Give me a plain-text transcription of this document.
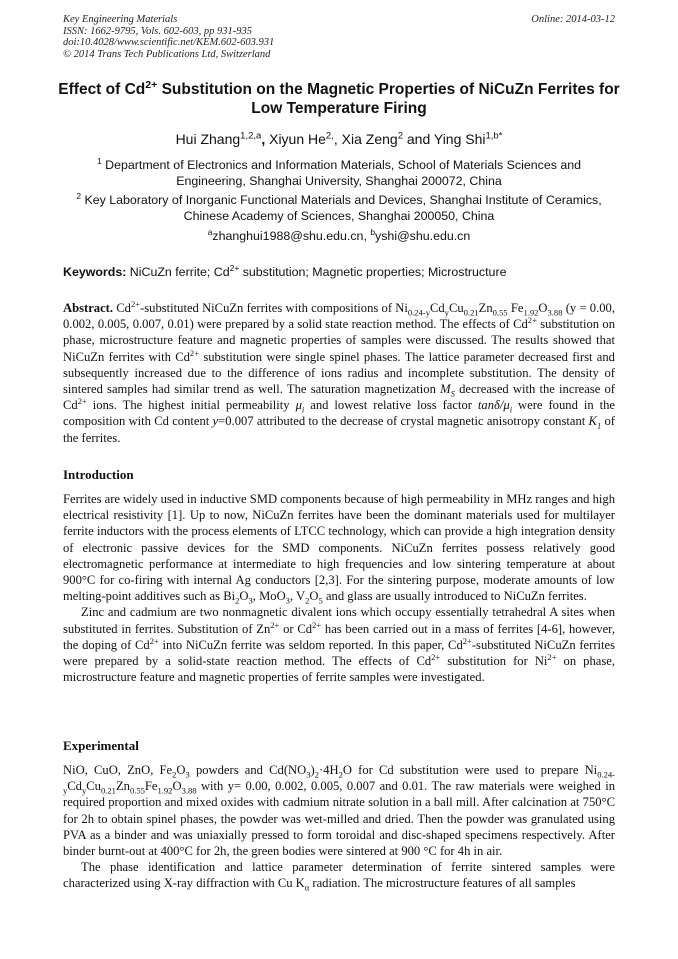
Key Engineering Materials
ISSN: 1662-9795, Vols. 602-603, pp 931-935
doi:10.4028/www.scientific.net/KEM.602-603.931
© 2014 Trans Tech Publications Ltd, Switzerland
Online: 2014-03-12
Effect of $Cd^{2+}$ Substitution on the Magnetic Properties of NiCuZn Ferrites for Low Temperature Firing
Hui Zhang$^{1,2,a}$, Xiyun $He^{2,}$, Xia Zeng$^2$ and Ying Shi$^{1,b*}$
$^1$ Department of Electronics and Information Materials, School of Materials Sciences and
Engineering, Shanghai University, Shanghai 200072, China
$^2$ Key Laboratory of Inorganic Functional Materials and Devices, Shanghai Institute of Ceramics,
Chinese Academy of Sciences, Shanghai 200050, China
$^a$zhanghui1988@shu.edu.cn, $^b$yshi@shu.edu.cn
Keywords: NiCuZn ferrite; $Cd^{2+}$ substitution; Magnetic properties; Microstructure
Abstract. $Cd^{2+}$-substituted NiCuZn ferrites with compositions of $Ni_{0.24-y}Cd_yCu_{0.21}Zn_{0.55}$ $Fe_{1.92}O_{3.88}$ (y = 0.00, 0.002, 0.005, 0.007, 0.01) were prepared by a solid state reaction method. The effects of $Cd^{2+}$ substitution on phase, microstructure feature and magnetic properties of samples were discussed. The results showed that NiCuZn ferrites with $Cd^{2+}$ substitution were single spinel phases. The lattice parameter decreased first and subsequently increased due to the difference of ions radius and incomplete substitution. The density of sintered samples had similar trend as well. The saturation magnetization $M_S$ decreased with the increase of $Cd^{2+}$ ions. The highest initial permeability $\mu_i$ and lowest relative loss factor tanδ/$\mu_i$ were found in the composition with Cd content y=0.007 attributed to the decrease of crystal magnetic anisotropy constant $K_1$ of the ferrites.
Introduction

Ferrites are widely used in inductive SMD components because of high permeability in MHz ranges and high electrical resistivity [1]. Up to now, NiCuZn ferrites have been the dominant materials used for multilayer ferrite inductors with the process elements of LTCC technology, which can provide a high integration density of electronic passive devices for the SMD components. NiCuZn ferrites possess relatively good electromagnetic performance at intermediate to high frequencies and low sintering temperature at about 900°C for co-firing with internal Ag conductors [2,3]. For the sintering purpose, moderate amounts of low melting-point additives such as $Bi_2O_3$, MoO$_3$, $V_2O_5$ and glass are usually introduced to NiCuZn ferrites.

Zinc and cadmium are two nonmagnetic divalent ions which occupy essentially tetrahedral A sites when substituted in ferrites. Substitution of $Zn^{2+}$ or $Cd^{2+}$ has been carried out in a mass of ferrites [4-6], however, the doping of $Cd^{2+}$ into NiCuZn ferrite was seldom reported. In this paper, $Cd^{2+}$-substituted NiCuZn ferrites were prepared by a solid-state reaction method. The effects of $Cd^{2+}$ substitution for $Ni^{2+}$ on phase, microstructure feature and magnetic properties of ferrite samples were investigated.

Experimental

NiO, CuO, ZnO, $Fe_2O_3$ powders and $Cd(NO_3)_2\cdot 4H_2O$ for Cd substitution were used to prepare $Ni_{0.24-y}Cd_yCu_{0.21}Zn_{0.55}Fe_{1.92}O_{3.88}$ with y= 0.00, 0.002, 0.005, 0.007 and 0.01. The raw materials were weighed in required proportion and mixed oxides with cadmium nitrate solution in a ball mill. After calcination at 750°C for 2h to obtain spinel phases, the powder was wet-milled and dried. Then the powder was granulated using PVA as a binder and was uniaxially pressed to form toroidal and disc-shaped specimens respectively. After binder burnt-out at 400°C for 2h, the green bodies were sintered at 900 °C for 4h in air.

The phase identification and lattice parameter determination of ferrite sintered samples were characterized using X-ray diffraction with Cu $K_\alpha$ radiation. The microstructure features of all samples
